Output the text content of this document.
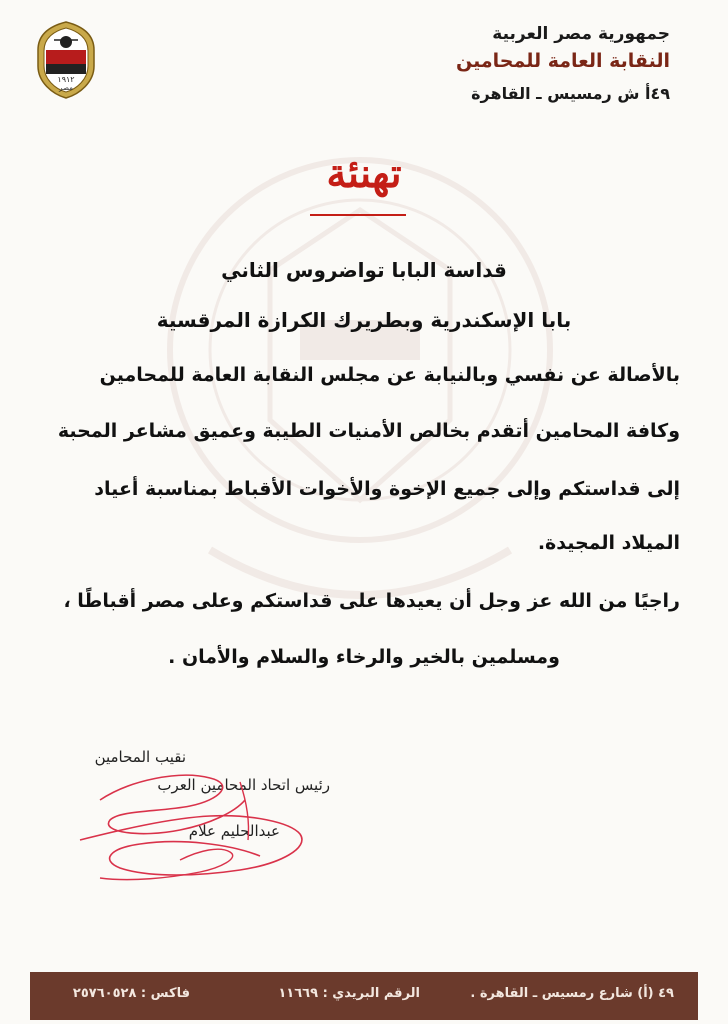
١٩١٢
مصر
جمهورية مصر العربية
النقابة العامة للمحامين
٤٩أ ش رمسيس ـ القاهرة
تهنئة
قداسة البابا تواضروس الثاني
بابا الإسكندرية وبطريرك الكرازة المرقسية
بالأصالة عن نفسي وبالنيابة عن مجلس النقابة العامة للمحامين
وكافة المحامين أتقدم بخالص الأمنيات الطيبة وعميق مشاعر المحبة
إلى قداستكم وإلى جميع الإخوة والأخوات الأقباط بمناسبة أعياد
الميلاد المجيدة.
راجيًا من الله عز وجل أن يعيدها على قداستكم وعلى مصر أقباطًا ،
ومسلمين بالخير والرخاء والسلام والأمان .
نقيب المحامين
رئيس اتحاد المحامين العرب
عبدالحليم علام
٤٩ (أ) شارع رمسيس ـ القاهرة .
الرقم البريدي : ١١٦٦٩
فاكس : ٢٥٧٦٠٥٢٨
